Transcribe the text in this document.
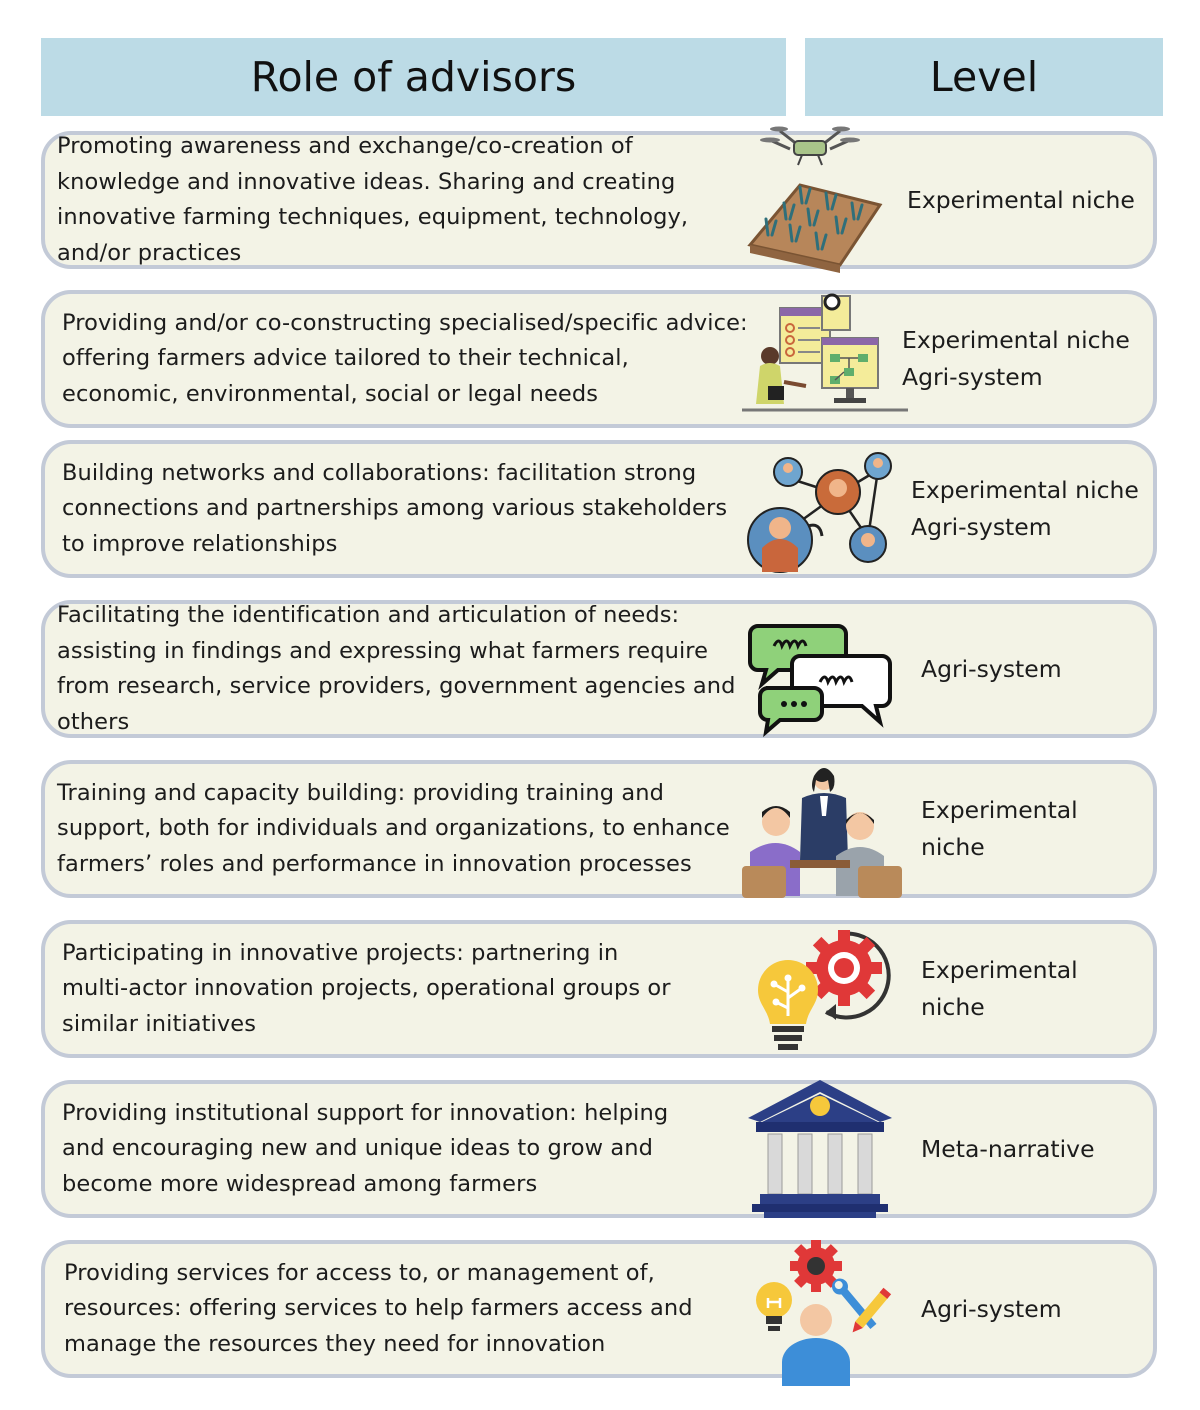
Role of advisors	Level
Promoting awareness and exchange/co-creation of knowledge and innovative ideas. Sharing and creating innovative farming techniques, equipment, technology, and/or practices
Experimental niche
Providing and/or co-constructing specialised/specific advice: offering farmers advice tailored to their technical, economic, environmental, social or legal needs
Experimental niche
Agri-system
Building networks and collaborations: facilitation strong connections and partnerships among various stakeholders to improve relationships
Experimental niche
Agri-system
Facilitating the identification and articulation of needs: assisting in findings and expressing what farmers require from research, service providers, government agencies and others
Agri-system
Training and capacity building: providing training and support, both for individuals and organizations, to enhance farmers’ roles and performance in innovation processes
Experimental niche
Participating in innovative projects: partnering in multi-actor innovation projects, operational groups or similar initiatives
Experimental niche
Providing institutional support for innovation: helping and encouraging new and unique ideas to grow and become more widespread among farmers
Meta-narrative
Providing services for access to, or management of, resources: offering services to help farmers access and manage the resources they need for innovation
Agri-system
